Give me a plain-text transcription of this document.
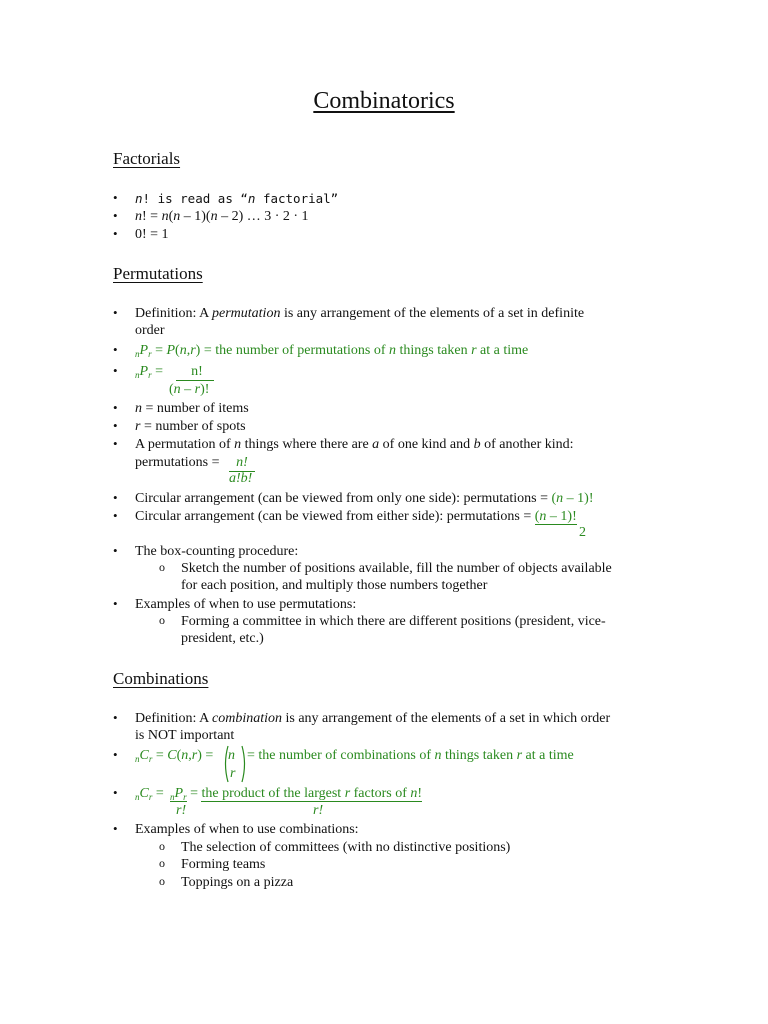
Combinatorics
Factorials
• n! is read as “n factorial”
• n! = n(n – 1)(n – 2) … 3 · 2 · 1
• 0! = 1
Permutations
• Definition: A permutation is any arrangement of the elements of a set in definite
order
• $_nP_r = P(n,r)$ = the number of permutations of n things taken r at a time
• $_nP_r$ =	n!
(n – r)!
• n = number of items
• r = number of spots
• A permutation of n things where there are a of one kind and b of another kind:
permutations =	n!
a!b!
• Circular arrangement (can be viewed from only one side): permutations = (n – 1)!
• Circular arrangement (can be viewed from either side): permutations = (n – 1)!
2
• The box-counting procedure:
o Sketch the number of positions available, fill the number of objects available
for each position, and multiply those numbers together
• Examples of when to use permutations:
o Forming a committee in which there are different positions (president, vice-
president, etc.)
Combinations
• Definition: A combination is any arrangement of the elements of a set in which order
is NOT important
• $_nC_r = C(n,r) = n$
r
= the number of combinations of n things taken r at a time
• $_nC_r = _nP_r$ = the product of the largest r factors of n!
r!	r!
• Examples of when to use combinations:
o The selection of committees (with no distinctive positions)
o Forming teams
o Toppings on a pizza
